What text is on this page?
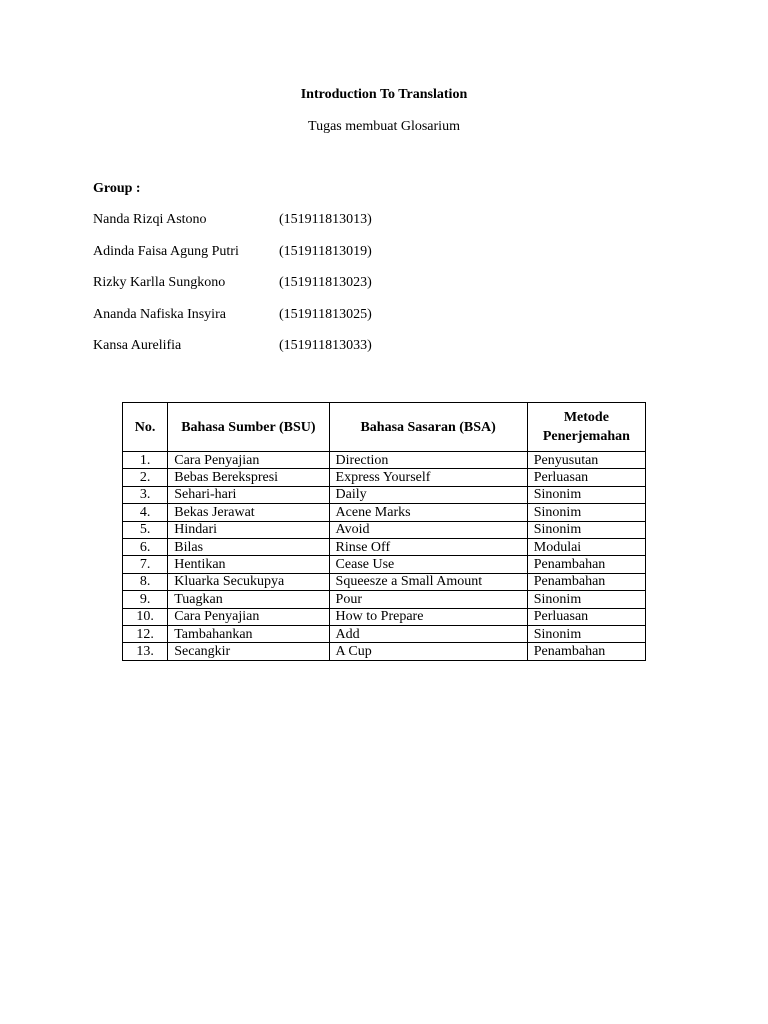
Introduction To Translation
Tugas membuat Glosarium
Group :
Nanda Rizqi Astono	(151911813013)
Adinda Faisa Agung Putri	(151911813019)
Rizky Karlla Sungkono	(151911813023)
Ananda Nafiska Insyira	(151911813025)
Kansa Aurelifia	(151911813033)
No.	Bahasa Sumber (BSU)	Bahasa Sasaran (BSA)	Metode
Penerjemahan
1.	Cara Penyajian	Direction	Penyusutan
2.	Bebas Berekspresi	Express Yourself	Perluasan
3.	Sehari-hari	Daily	Sinonim
4.	Bekas Jerawat	Acene Marks	Sinonim
5.	Hindari	Avoid	Sinonim
6.	Bilas	Rinse Off	Modulai
7.	Hentikan	Cease Use	Penambahan
8.	Kluarka Secukupya	Squeesze a Small Amount	Penambahan
9.	Tuagkan	Pour	Sinonim
10.	Cara Penyajian	How to Prepare	Perluasan
12.	Tambahankan	Add	Sinonim
13.	Secangkir	A Cup	Penambahan
